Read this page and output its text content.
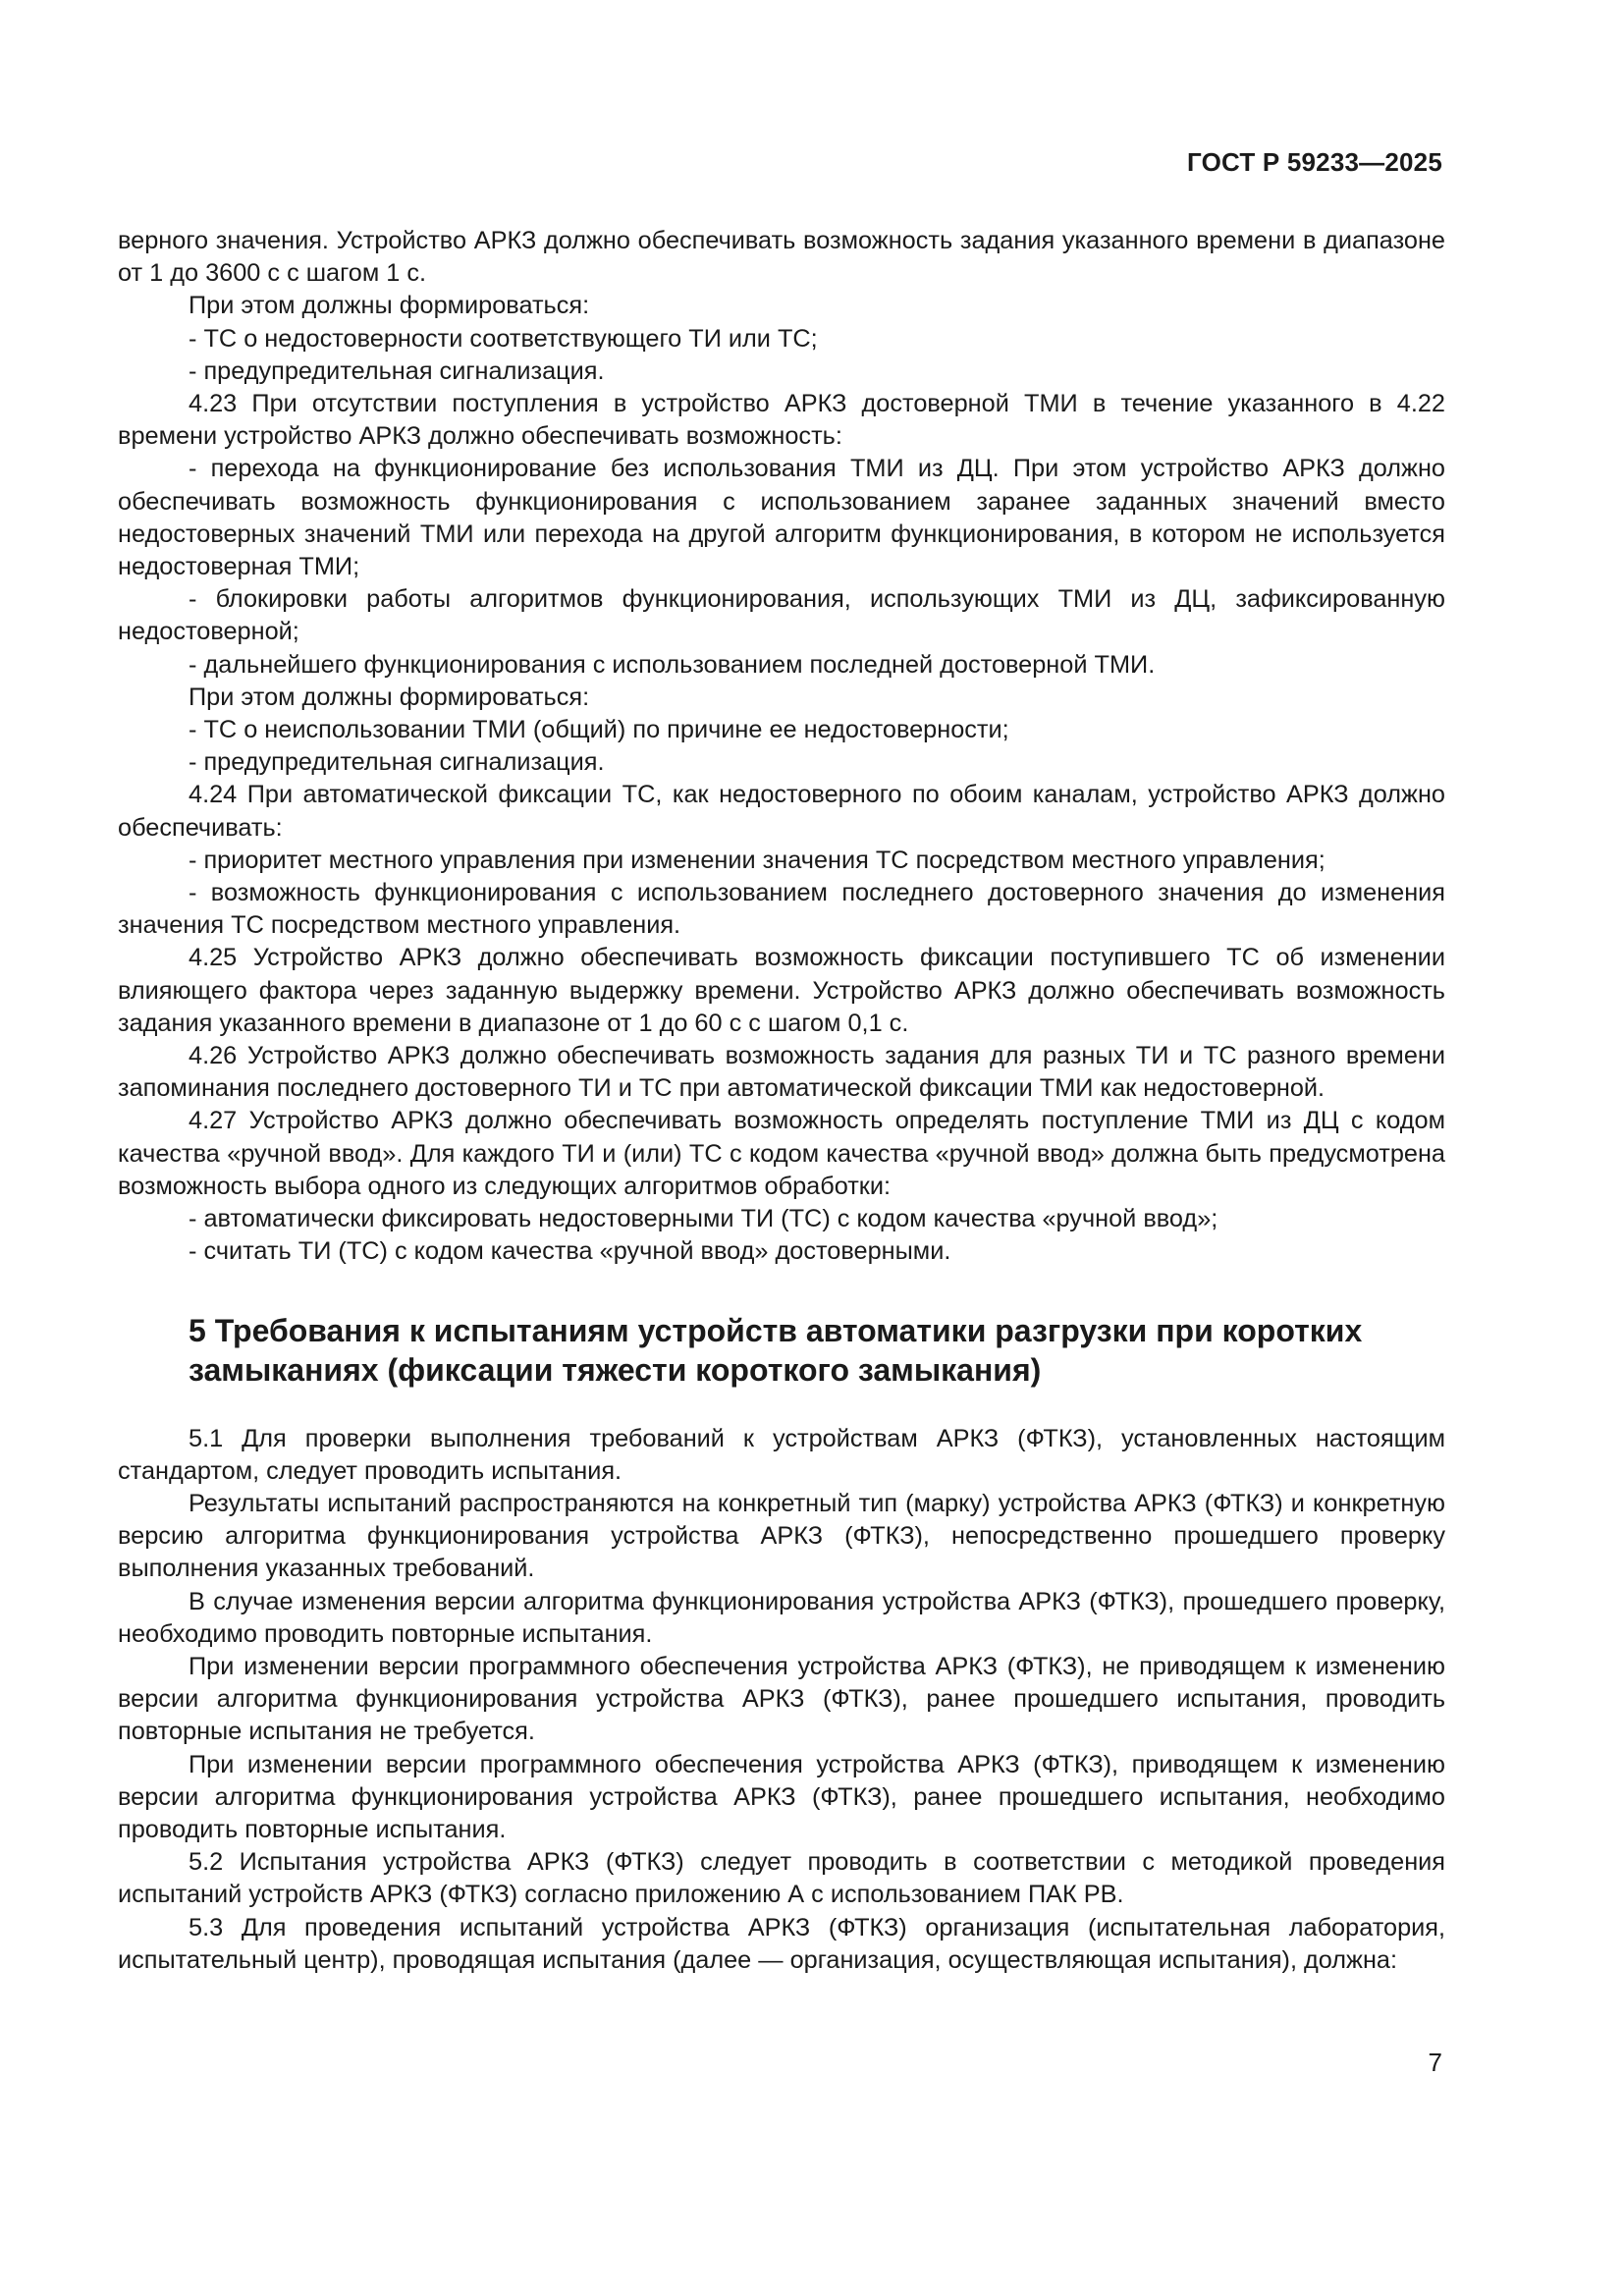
ГОСТ Р 59233—2025

верного значения. Устройство АРКЗ должно обеспечивать возможность задания указанного времени в диапазоне от 1 до 3600 с с шагом 1 с.

При этом должны формироваться:

- ТС о недостоверности соответствующего ТИ или ТС;

- предупредительная сигнализация.

4.23 При отсутствии поступления в устройство АРКЗ достоверной ТМИ в течение указанного в 4.22 времени устройство АРКЗ должно обеспечивать возможность:

- перехода на функционирование без использования ТМИ из ДЦ. При этом устройство АРКЗ должно обеспечивать возможность функционирования с использованием заранее заданных значений вместо недостоверных значений ТМИ или перехода на другой алгоритм функционирования, в котором не используется недостоверная ТМИ;

- блокировки работы алгоритмов функционирования, использующих ТМИ из ДЦ, зафиксированную недостоверной;

- дальнейшего функционирования с использованием последней достоверной ТМИ.

При этом должны формироваться:

- ТС о неиспользовании ТМИ (общий) по причине ее недостоверности;

- предупредительная сигнализация.

4.24 При автоматической фиксации ТС, как недостоверного по обоим каналам, устройство АРКЗ должно обеспечивать:

- приоритет местного управления при изменении значения ТС посредством местного управления;

- возможность функционирования с использованием последнего достоверного значения до изменения значения ТС посредством местного управления.

4.25 Устройство АРКЗ должно обеспечивать возможность фиксации поступившего ТС об изменении влияющего фактора через заданную выдержку времени. Устройство АРКЗ должно обеспечивать возможность задания указанного времени в диапазоне от 1 до 60 с с шагом 0,1 с.

4.26 Устройство АРКЗ должно обеспечивать возможность задания для разных ТИ и ТС разного времени запоминания последнего достоверного ТИ и ТС при автоматической фиксации ТМИ как недостоверной.

4.27 Устройство АРКЗ должно обеспечивать возможность определять поступление ТМИ из ДЦ с кодом качества «ручной ввод». Для каждого ТИ и (или) ТС с кодом качества «ручной ввод» должна быть предусмотрена возможность выбора одного из следующих алгоритмов обработки:

- автоматически фиксировать недостоверными ТИ (ТС) с кодом качества «ручной ввод»;

- считать ТИ (ТС) с кодом качества «ручной ввод» достоверными.

5 Требования к испытаниям устройств автоматики разгрузки при коротких замыканиях (фиксации тяжести короткого замыкания)

5.1 Для проверки выполнения требований к устройствам АРКЗ (ФТКЗ), установленных настоящим стандартом, следует проводить испытания.

Результаты испытаний распространяются на конкретный тип (марку) устройства АРКЗ (ФТКЗ) и конкретную версию алгоритма функционирования устройства АРКЗ (ФТКЗ), непосредственно прошедшего проверку выполнения указанных требований.

В случае изменения версии алгоритма функционирования устройства АРКЗ (ФТКЗ), прошедшего проверку, необходимо проводить повторные испытания.

При изменении версии программного обеспечения устройства АРКЗ (ФТКЗ), не приводящем к изменению версии алгоритма функционирования устройства АРКЗ (ФТКЗ), ранее прошедшего испытания, проводить повторные испытания не требуется.

При изменении версии программного обеспечения устройства АРКЗ (ФТКЗ), приводящем к изменению версии алгоритма функционирования устройства АРКЗ (ФТКЗ), ранее прошедшего испытания, необходимо проводить повторные испытания.

5.2 Испытания устройства АРКЗ (ФТКЗ) следует проводить в соответствии с методикой проведения испытаний устройств АРКЗ (ФТКЗ) согласно приложению А с использованием ПАК РВ.

5.3 Для проведения испытаний устройства АРКЗ (ФТКЗ) организация (испытательная лаборатория, испытательный центр), проводящая испытания (далее — организация, осуществляющая испытания), должна:

7
